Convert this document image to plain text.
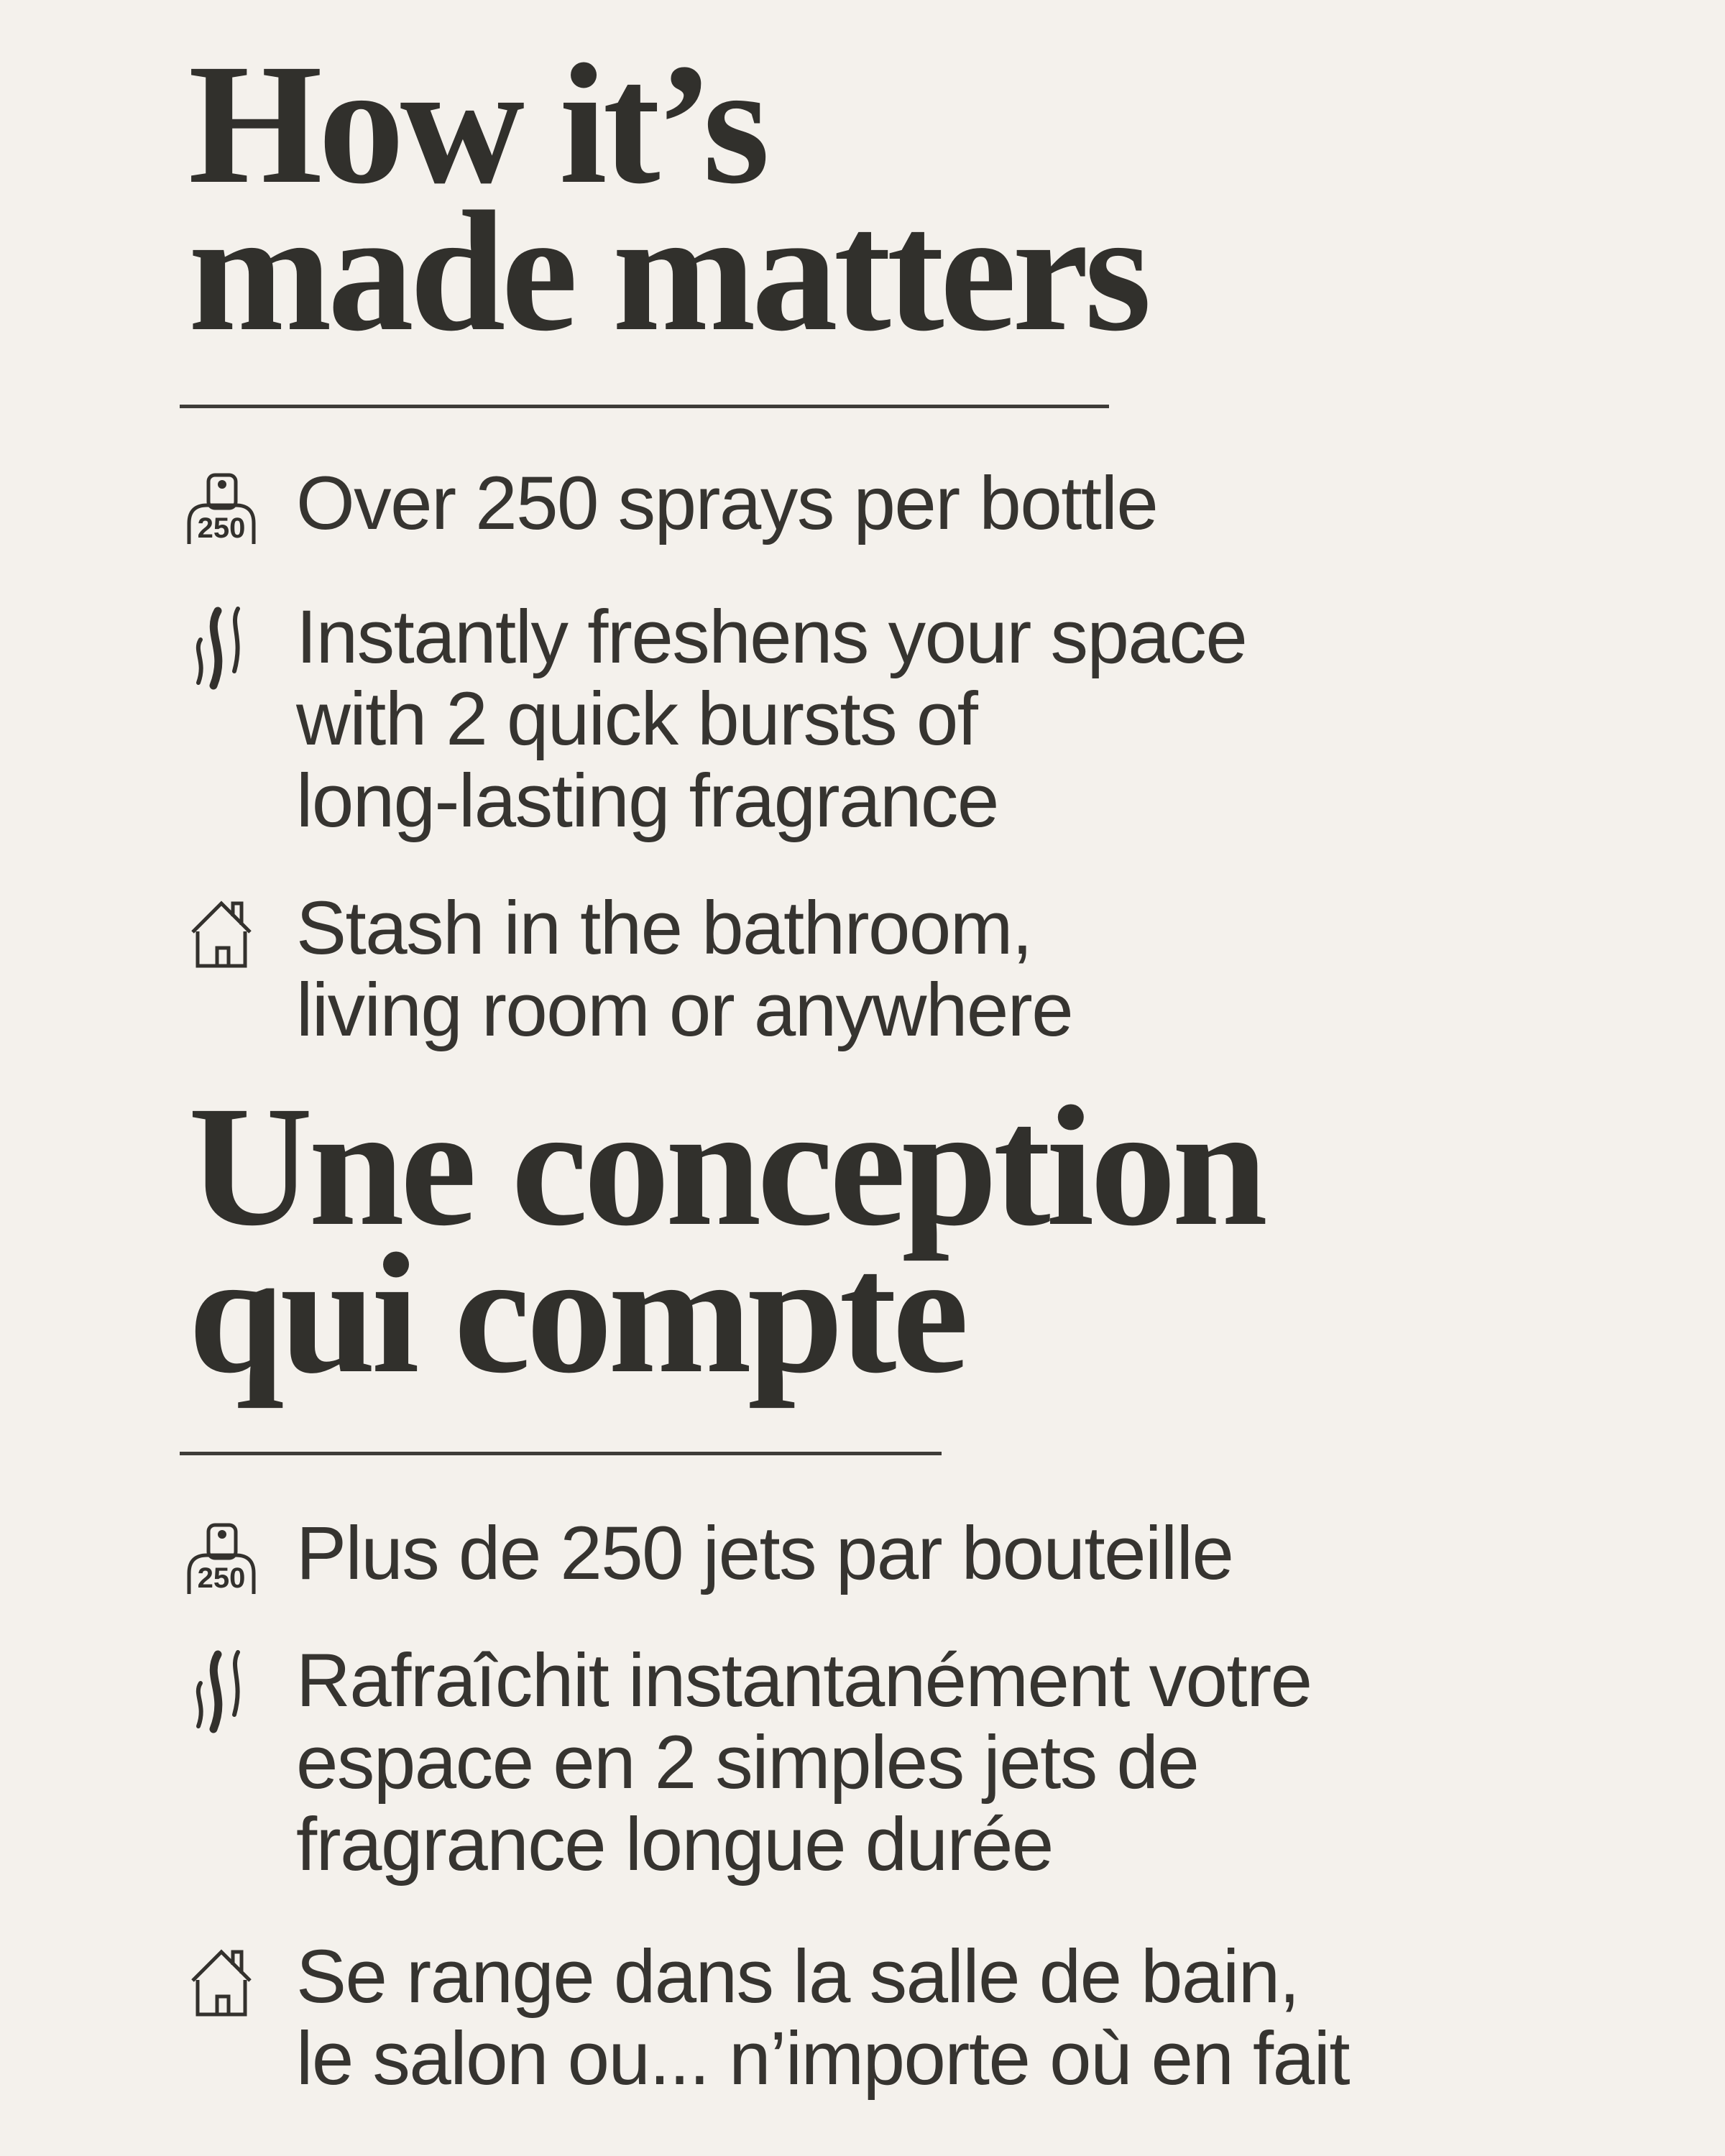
How it’s
made matters
250 Over 250 sprays per bottle
Instantly freshens your space
with 2 quick bursts of
long-lasting fragrance
Stash in the bathroom,
living room or anywhere
Une conception
qui compte
250 Plus de 250 jets par bouteille
Rafraîchit instantanément votre
espace en 2 simples jets de
fragrance longue durée
Se range dans la salle de bain,
le salon ou... n’importe où en fait
